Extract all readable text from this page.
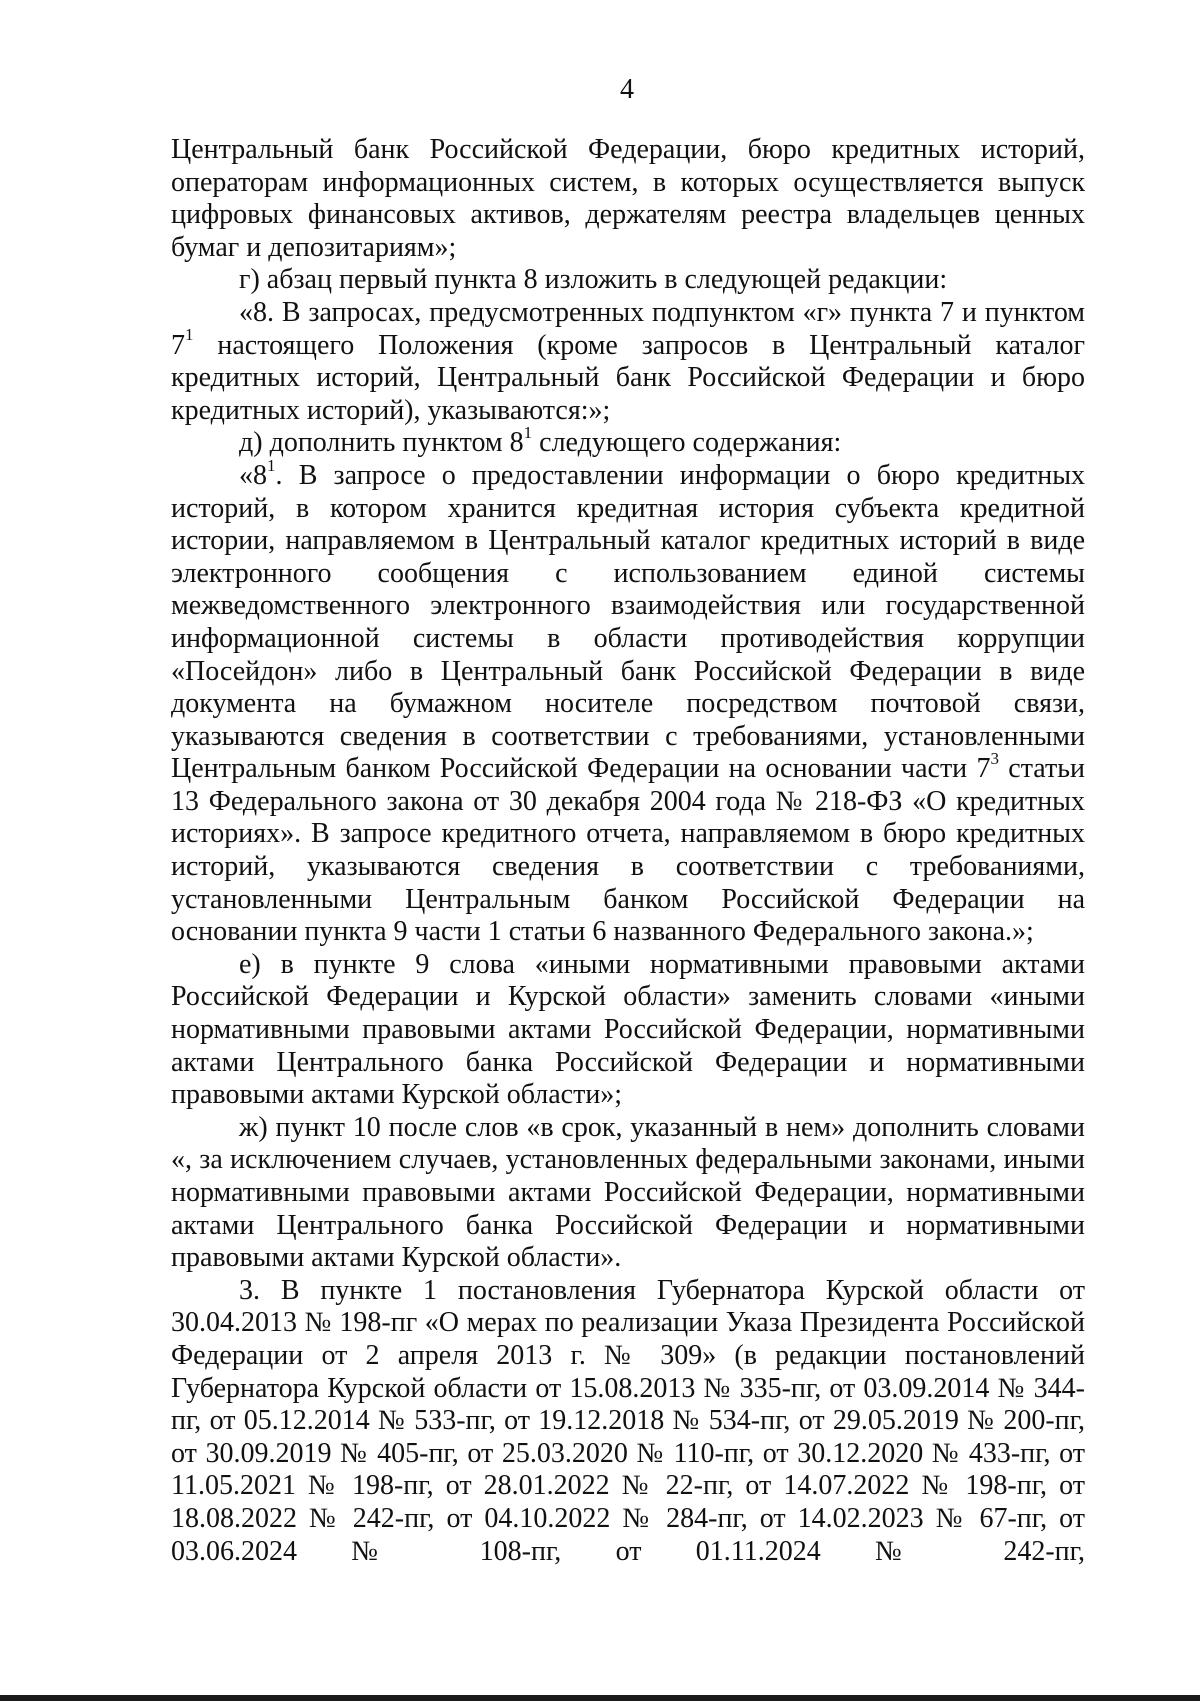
4

Центральный банк Российской Федерации, бюро кредитных историй, операторам информационных систем, в которых осуществляется выпуск цифровых финансовых активов, держателям реестра владельцев ценных бумаг и депозитариям»;

г) абзац первый пункта 8 изложить в следующей редакции:

«8. В запросах, предусмотренных подпунктом «г» пункта 7 и пунктом $7^1$ настоящего Положения (кроме запросов в Центральный каталог кредитных историй, Центральный банк Российской Федерации и бюро кредитных историй), указываются:»;

д) дополнить пунктом $8^1$ следующего содержания:

«$8^1$. В запросе о предоставлении информации о бюро кредитных историй, в котором хранится кредитная история субъекта кредитной истории, направляемом в Центральный каталог кредитных историй в виде электронного сообщения с использованием единой системы межведомственного электронного взаимодействия или государственной информационной системы в области противодействия коррупции «Посейдон» либо в Центральный банк Российской Федерации в виде документа на бумажном носителе посредством почтовой связи, указываются сведения в соответствии с требованиями, установленными Центральным банком Российской Федерации на основании части $7^3$ статьи 13 Федерального закона от 30 декабря 2004 года № 218-ФЗ «О кредитных историях». В запросе кредитного отчета, направляемом в бюро кредитных историй, указываются сведения в соответствии с требованиями, установленными Центральным банком Российской Федерации на основании пункта 9 части 1 статьи 6 названного Федерального закона.»;

е) в пункте 9 слова «иными нормативными правовыми актами Российской Федерации и Курской области» заменить словами «иными нормативными правовыми актами Российской Федерации, нормативными актами Центрального банка Российской Федерации и нормативными правовыми актами Курской области»;

ж) пункт 10 после слов «в срок, указанный в нем» дополнить словами «, за исключением случаев, установленных федеральными законами, иными нормативными правовыми актами Российской Федерации, нормативными актами Центрального банка Российской Федерации и нормативными правовыми актами Курской области».

3. В пункте 1 постановления Губернатора Курской области от 30.04.2013 № 198-пг «О мерах по реализации Указа Президента Российской Федерации от 2 апреля 2013 г. № 309» (в редакции постановлений Губернатора Курской области от 15.08.2013 № 335-пг, от 03.09.2014 № 344-пг, от 05.12.2014 № 533-пг, от 19.12.2018 № 534-пг, от 29.05.2019 № 200-пг, от 30.09.2019 № 405-пг, от 25.03.2020 № 110-пг, от 30.12.2020 № 433-пг, от 11.05.2021 № 198-пг, от 28.01.2022 № 22-пг, от 14.07.2022 № 198-пг, от 18.08.2022 № 242-пг, от 04.10.2022 № 284-пг, от 14.02.2023 № 67-пг, от 03.06.2024 № 108-пг, от 01.11.2024 № 242-пг,
